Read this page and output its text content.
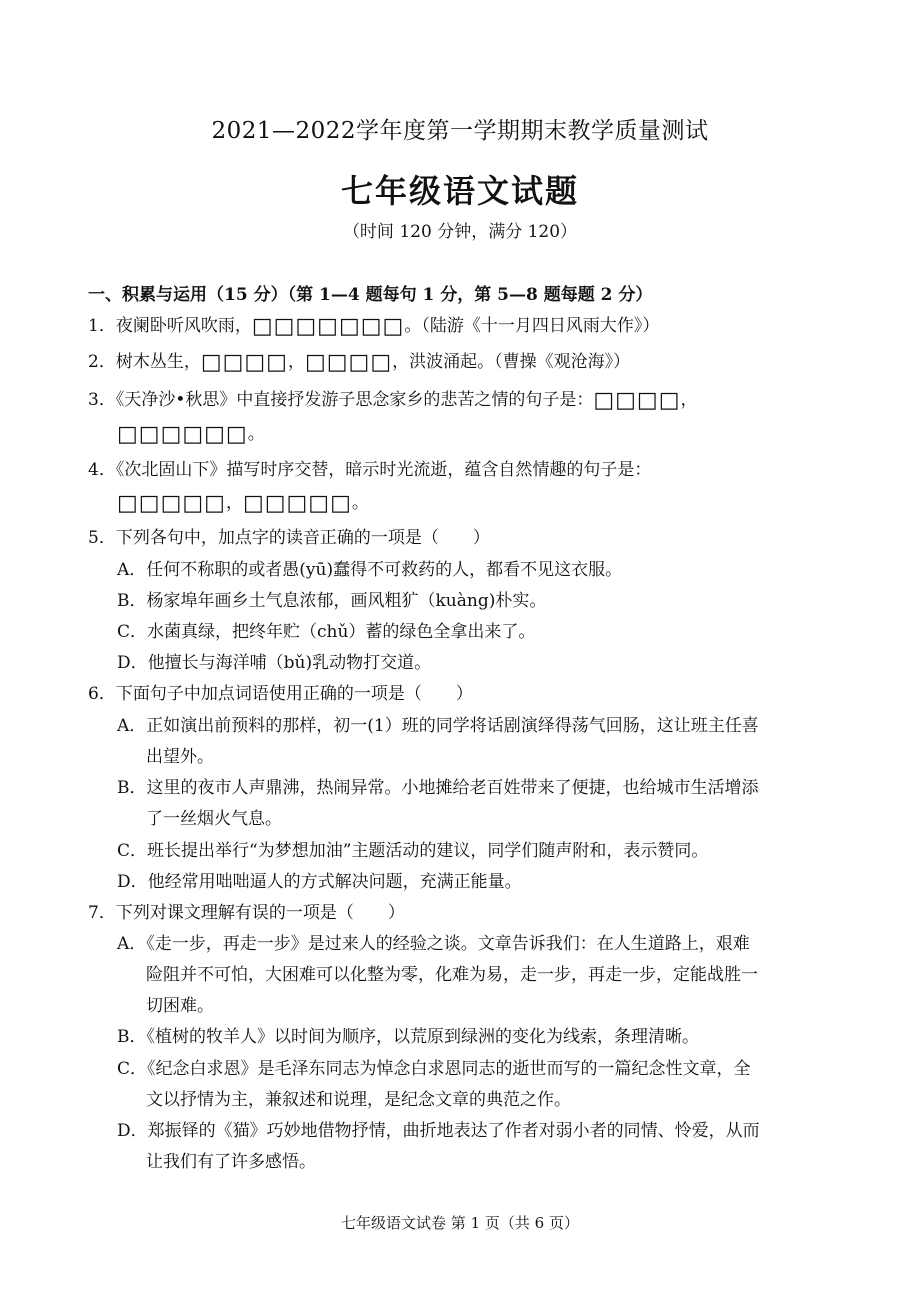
2021—2022学年度第一学期期末教学质量测试
七年级语文试题
（时间 120 分钟，满分 120）
一、积累与运用（15 分）（第 1—4 题每句 1 分，第 5—8 题每题 2 分）
1．夜阑卧听风吹雨，□□□□□□□。（陆游《十一月四日风雨大作》）
2．树木丛生，□□□□，□□□□，洪波涌起。（曹操《观沧海》）
3．《天净沙•秋思》中直接抒发游子思念家乡的悲苦之情的句子是：□□□□，
□□□□□□。
4．《次北固山下》描写时序交替，暗示时光流逝，蕴含自然情趣的句子是：
□□□□□，□□□□□。
5．下列各句中，加点字的读音正确的一项是（　　）
A．任何不称职的或者愚(yū)蠢得不可救药的人，都看不见这衣服。
B．杨家埠年画乡土气息浓郁，画风粗犷（kuàng)朴实。
C．水菌真绿，把终年贮（chǔ）蓄的绿色全拿出来了。
D．他擅长与海洋哺（bǔ)乳动物打交道。
6．下面句子中加点词语使用正确的一项是（　　）
A．正如演出前预料的那样，初一(1）班的同学将话剧演绎得荡气回肠，这让班主任喜
出望外。
B．这里的夜市人声鼎沸，热闹异常。小地摊给老百姓带来了便捷，也给城市生活增添
了一丝烟火气息。
C．班长提出举行“为梦想加油”主题活动的建议，同学们随声附和，表示赞同。
D．他经常用咄咄逼人的方式解决问题，充满正能量。
7．下列对课文理解有误的一项是（　　）
A．《走一步，再走一步》是过来人的经验之谈。文章告诉我们：在人生道路上，艰难
险阻并不可怕，大困难可以化整为零，化难为易，走一步，再走一步，定能战胜一
切困难。
B．《植树的牧羊人》以时间为顺序，以荒原到绿洲的变化为线索，条理清晰。
C．《纪念白求恩》是毛泽东同志为悼念白求恩同志的逝世而写的一篇纪念性文章，全
文以抒情为主，兼叙述和说理，是纪念文章的典范之作。
D．郑振铎的《猫》巧妙地借物抒情，曲折地表达了作者对弱小者的同情、怜爱，从而
让我们有了许多感悟。
七年级语文试卷 第 1 页（共 6 页）
